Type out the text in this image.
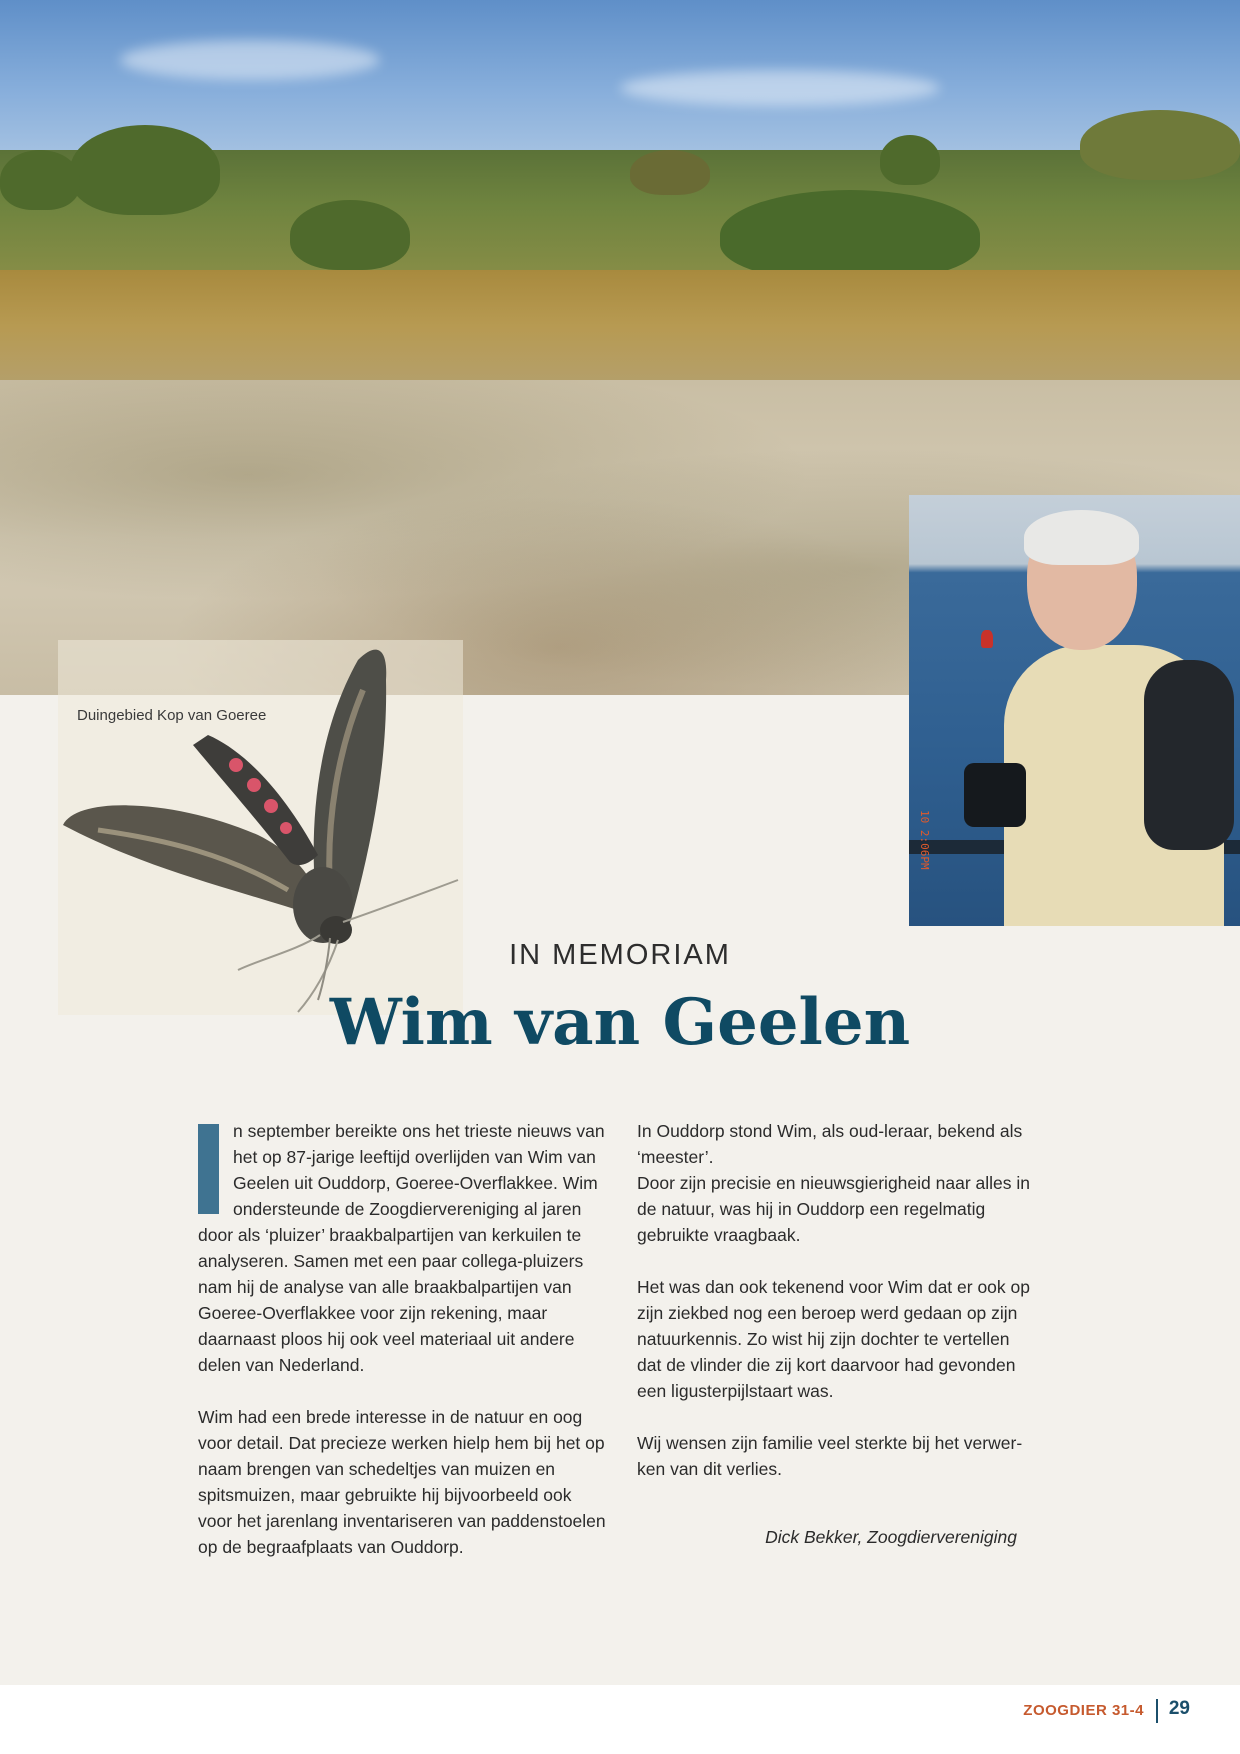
10 2:06PM
Duingebied Kop van Goeree
IN MEMORIAM
Wim van Geelen

n september bereikte ons het trieste nieuws van het op 87-jarige leeftijd overlijden van Wim van Geelen uit Ouddorp, Goeree-Overflakkee. Wim ondersteunde de Zoogdiervereniging al jaren door als ‘pluizer’ braakbalpartijen van kerkuilen te analyseren. Samen met een paar collega-pluizers nam hij de analyse van alle braakbalpartijen van Goeree-Overflakkee voor zijn rekening, maar daarnaast ploos hij ook veel materiaal uit andere delen van Nederland.

Wim had een brede interesse in de natuur en oog voor detail. Dat precieze werken hielp hem bij het op naam brengen van schedeltjes van muizen en spitsmuizen, maar gebruikte hij bijvoorbeeld ook voor het jarenlang inventariseren van paddenstoelen op de begraafplaats van Ouddorp.

In Ouddorp stond Wim, als oud-leraar, bekend als ‘meester’.

Door zijn precisie en nieuwsgierigheid naar alles in de natuur, was hij in Ouddorp een regelmatig gebruikte vraagbaak.

Het was dan ook tekenend voor Wim dat er ook op zijn ziekbed nog een beroep werd gedaan op zijn natuurkennis. Zo wist hij zijn dochter te vertellen dat de vlinder die zij kort daarvoor had gevonden een ligusterpijlstaart was.

Wij wensen zijn familie veel sterkte bij het verwerken van dit verlies.

Dick Bekker, Zoogdiervereniging
ZOOGDIER 31-4 29
